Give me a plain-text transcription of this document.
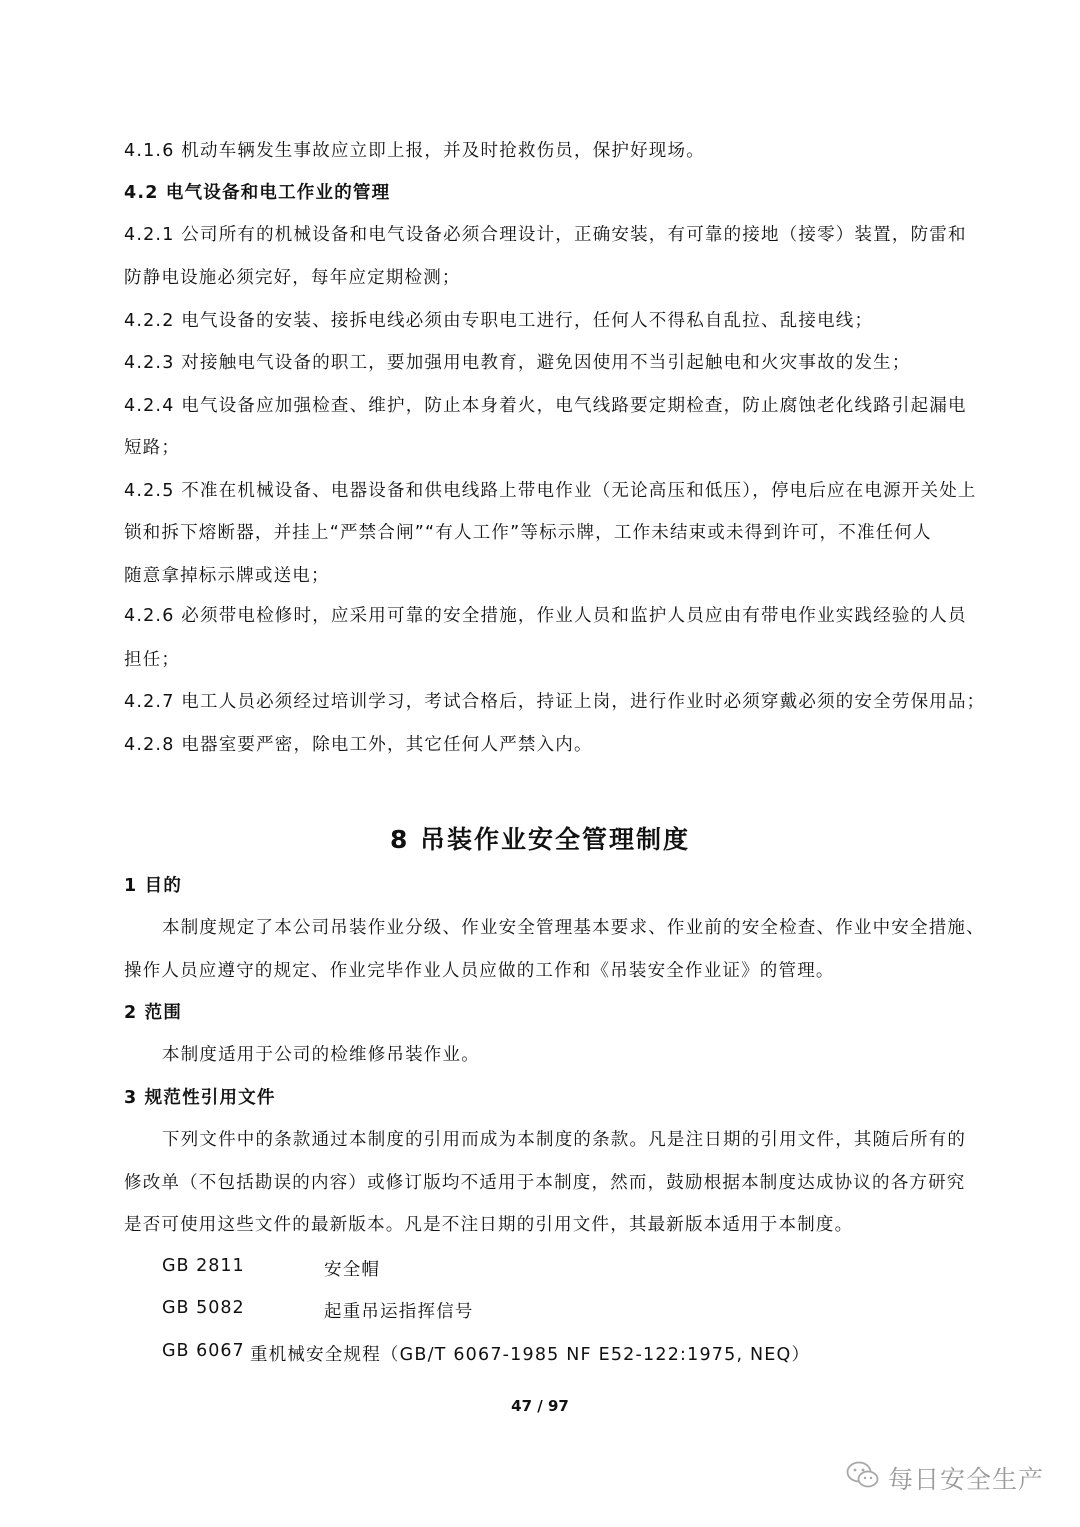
4.1.6 机动车辆发生事故应立即上报，并及时抢救伤员，保护好现场。
4.2 电气设备和电工作业的管理
4.2.1 公司所有的机械设备和电气设备必须合理设计，正确安装，有可靠的接地（接零）装置，防雷和
防静电设施必须完好，每年应定期检测；
4.2.2 电气设备的安装、接拆电线必须由专职电工进行，任何人不得私自乱拉、乱接电线；
4.2.3 对接触电气设备的职工，要加强用电教育，避免因使用不当引起触电和火灾事故的发生；
4.2.4 电气设备应加强检查、维护，防止本身着火，电气线路要定期检查，防止腐蚀老化线路引起漏电
短路；
4.2.5 不准在机械设备、电器设备和供电线路上带电作业（无论高压和低压），停电后应在电源开关处上
锁和拆下熔断器，并挂上“严禁合闸”“有人工作”等标示牌，工作未结束或未得到许可，不准任何人
随意拿掉标示牌或送电；
4.2.6 必须带电检修时，应采用可靠的安全措施，作业人员和监护人员应由有带电作业实践经验的人员
担任；
4.2.7 电工人员必须经过培训学习，考试合格后，持证上岗，进行作业时必须穿戴必须的安全劳保用品；
4.2.8 电器室要严密，除电工外，其它任何人严禁入内。
8 吊装作业安全管理制度
1 目的
本制度规定了本公司吊装作业分级、作业安全管理基本要求、作业前的安全检查、作业中安全措施、
操作人员应遵守的规定、作业完毕作业人员应做的工作和《吊装安全作业证》的管理。
2 范围
本制度适用于公司的检维修吊装作业。
3 规范性引用文件
下列文件中的条款通过本制度的引用而成为本制度的条款。凡是注日期的引用文件，其随后所有的
修改单（不包括勘误的内容）或修订版均不适用于本制度，然而，鼓励根据本制度达成协议的各方研究
是否可使用这些文件的最新版本。凡是不注日期的引用文件，其最新版本适用于本制度。
GB 2811	安全帽
GB 5082	起重吊运指挥信号
GB 6067 重机械安全规程（GB/T 6067-1985 NF E52-122:1975, NEQ）
47 / 97
每日安全生产
